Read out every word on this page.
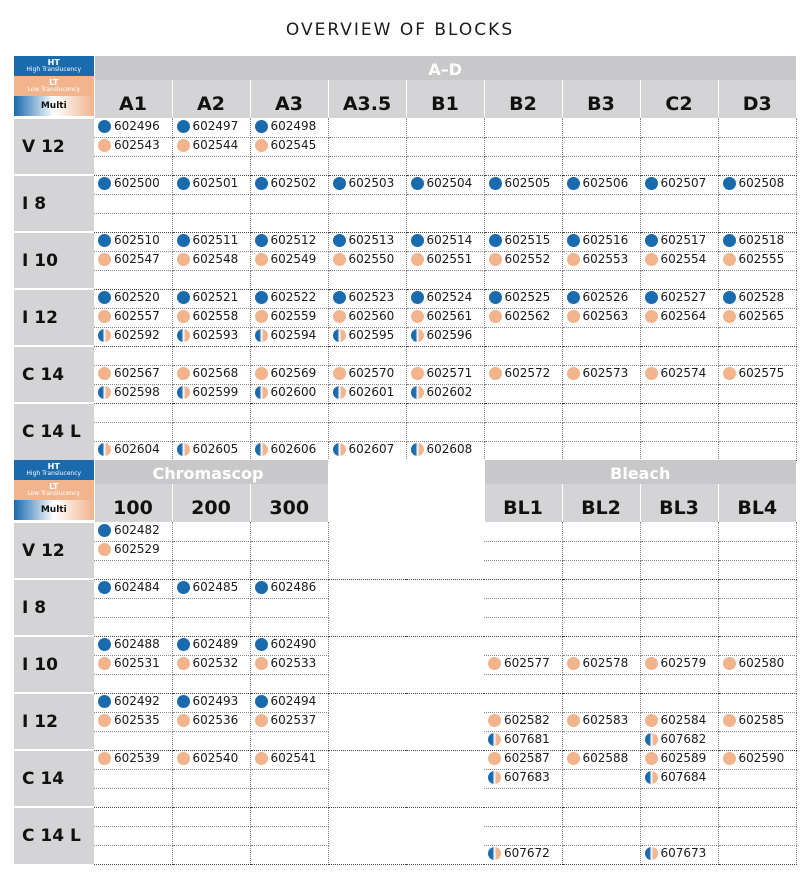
OVERVIEW OF BLOCKS
HT
High Translucency
LT
Low Translucency
Multi	A–D								

	A1	A2	A3	A3.5	B1	B2	B3	C2	D3
V 12	602496	602497	602498						

	602543	602544	602545						

I 8	602500	602501	602502	602503	602504	602505	602506	602507	602508

I 10	602510	602511	602512	602513	602514	602515	602516	602517	602518

	602547	602548	602549	602550	602551	602552	602553	602554	602555

I 12	602520	602521	602522	602523	602524	602525	602526	602527	602528

	602557	602558	602559	602560	602561	602562	602563	602564	602565

	602592	602593	602594	602595	602596				

C 14									

	602567	602568	602569	602570	602571	602572	602573	602574	602575

	602598	602599	602600	602601	602602				

C 14 L									

	602604	602605	602606	602607	602608				

HT
High Translucency
LT
Low Translucency
Multi	Chromascop					Bleach			

	100	200	300			BL1	BL2	BL3	BL4
V 12	602482								

	602529								

I 8	602484	602485	602486						

I 10	602488	602489	602490						

	602531	602532	602533			602577	602578	602579	602580

I 12	602492	602493	602494						

	602535	602536	602537			602582	602583	602584	602585

						607681		607682	

C 14	602539	602540	602541			602587	602588	602589	602590

						607683		607684	

C 14 L									

						607672		607673	
